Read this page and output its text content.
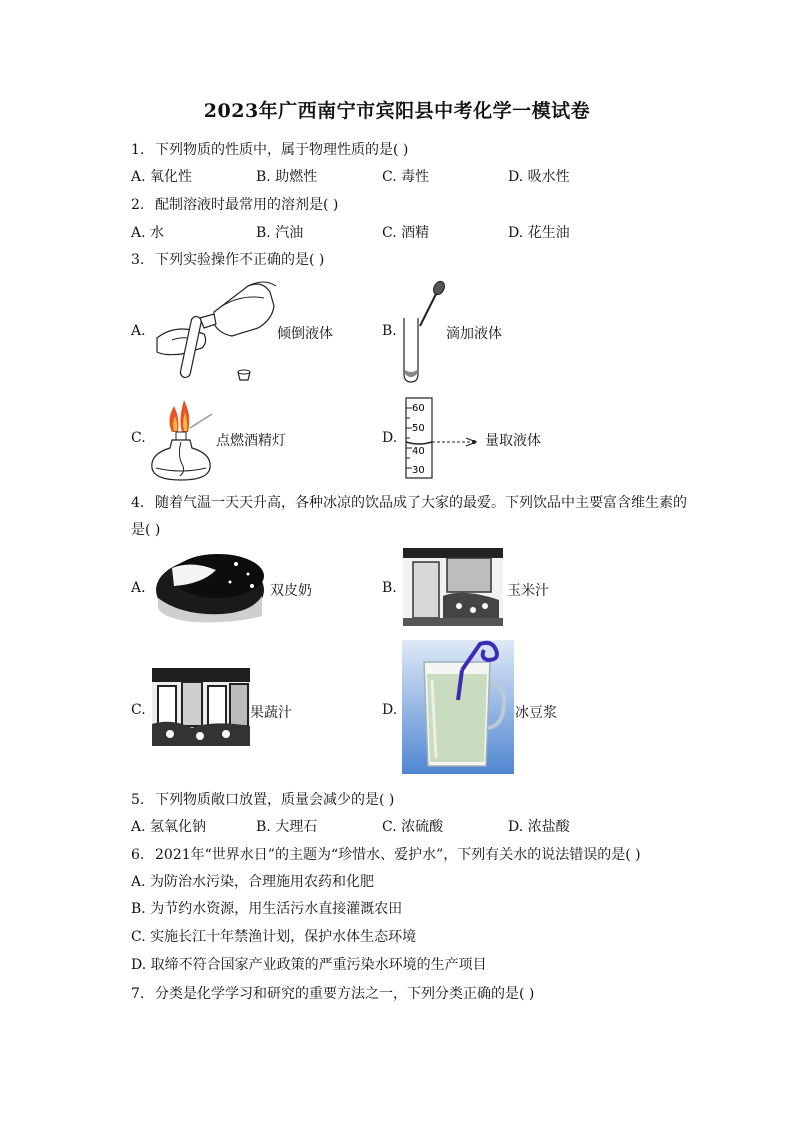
2023年广西南宁市宾阳县中考化学一模试卷
1. 下列物质的性质中，属于物理性质的是( )
A. 氧化性	B. 助燃性	C. 毒性	D. 吸水性
2. 配制溶液时最常用的溶剂是( )
A. 水	B. 汽油	C. 酒精	D. 花生油
3. 下列实验操作不正确的是( )
A.	倾倒液体	B.	滴加液体
C.	点燃酒精灯	D.
60
50
40
30
量取液体
4. 随着气温一天天升高，各种冰凉的饮品成了大家的最爱。下列饮品中主要富含维生素的
是( )
A.	双皮奶	B.	玉米汁
C.	果蔬汁	D.	冰豆浆
5. 下列物质敞口放置，质量会减少的是( )
A. 氢氧化钠	B. 大理石	C. 浓硫酸	D. 浓盐酸
6. 2021年“世界水日”的主题为“珍惜水、爱护水”，下列有关水的说法错误的是( )
A. 为防治水污染，合理施用农药和化肥
B. 为节约水资源，用生活污水直接灌溉农田
C. 实施长江十年禁渔计划，保护水体生态环境
D. 取缔不符合国家产业政策的严重污染水环境的生产项目
7. 分类是化学学习和研究的重要方法之一，下列分类正确的是( )
